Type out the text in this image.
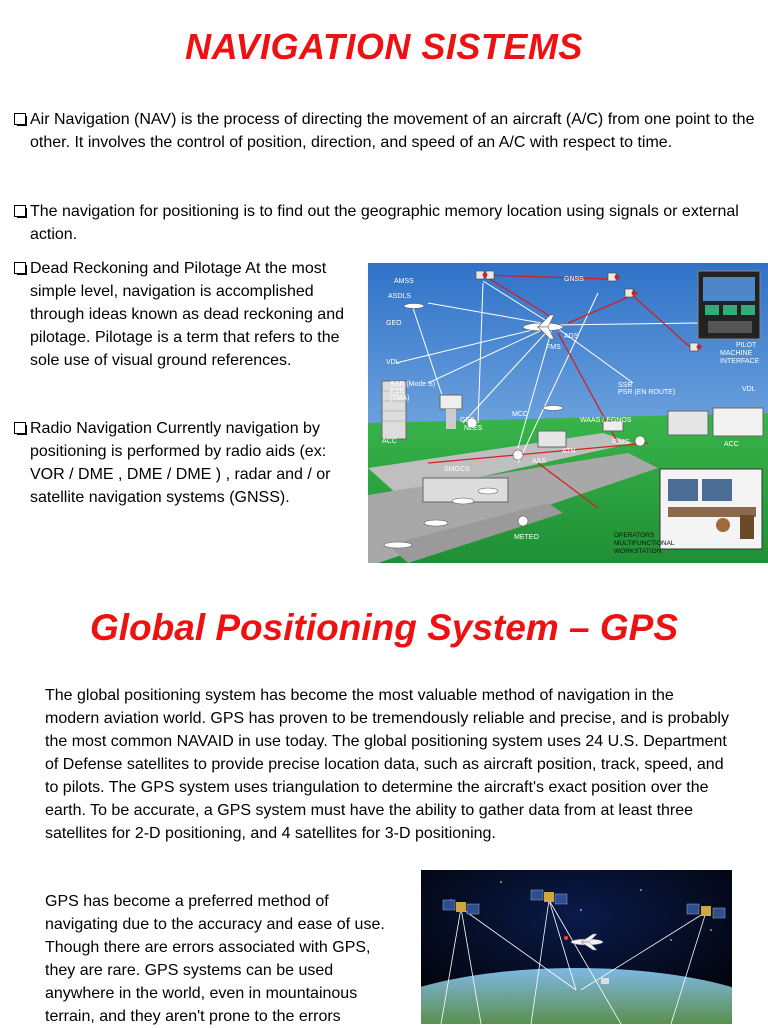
NAVIGATION SISTEMS
Air Navigation (NAV) is the process of directing the movement of an aircraft (A/C) from one point to the other. It involves the control of position, direction, and speed of an A/C with respect to time.
The navigation for positioning is to find out the geographic memory location using signals or external action.
Dead Reckoning and Pilotage At the most simple level, navigation is accomplished through ideas known as dead reckoning and pilotage. Pilotage is a term that refers to the sole use of visual ground references.
Radio Navigation Currently navigation by positioning is performed by radio aids (ex: VOR / DME , DME / DME ) , radar and / or satellite navigation systems (GNSS).
AMSS
ASDLS
GEO
GNSS
ADS
FMS	PILOT
MACHINE
INTERFACE
VDL
VDL
SSR (Mode S)
PSR
(TMA)
SSR
PSR (EN ROUTE)
GES
NLES
MCC
WAAS / EGNOS
RIMS
ACC	ACC
ATN
AAS
SMGCS
METEO	OPERATORS
MULTIFUNCTIONAL
WORKSTATION
Global Positioning System – GPS

The global positioning system has become the most valuable method of navigation in the modern aviation world. GPS has proven to be tremendously reliable and precise, and is probably the most common NAVAID in use today. The global positioning system uses 24 U.S. Department of Defense satellites to provide precise location data, such as aircraft position, track, speed, and to pilots. The GPS system uses triangulation to determine the aircraft's exact position over the earth. To be accurate, a GPS system must have the ability to gather data from at least three satellites for 2-D positioning, and 4 satellites for 3-D positioning.

GPS has become a preferred method of navigating due to the accuracy and ease of use. Though there are errors associated with GPS, they are rare. GPS systems can be used anywhere in the world, even in mountainous terrain, and they aren't prone to the errors
